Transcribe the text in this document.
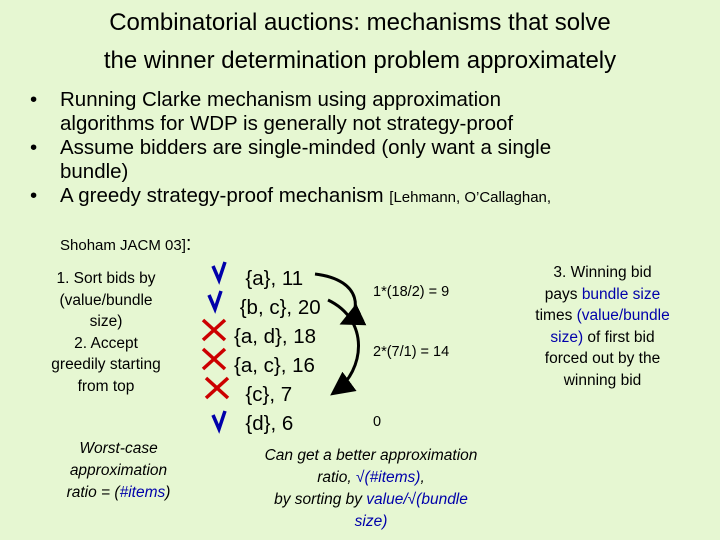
Combinatorial auctions: mechanisms that solve
the winner determination problem approximately
• Running Clarke mechanism using approximation
algorithms for WDP is generally not strategy-proof
• Assume bidders are single-minded (only want a single
bundle)
• A greedy strategy-proof mechanism [Lehmann, O’Callaghan,
Shoham JACM 03]:
1. Sort bids by
(value/bundle
size)
2. Accept
greedily starting
from top
Worst-case
approximation
ratio = (#items)
{a}, 11
{b, c}, 20
{a, d}, 18
{a, c}, 16
{c}, 7
{d}, 6
1*(18/2) = 9
2*(7/1) = 14
0
3. Winning bid
pays bundle size
times (value/bundle
size) of first bid
forced out by the
winning bid
Can get a better approximation
ratio, √(#items),
by sorting by value/√(bundle
size)
